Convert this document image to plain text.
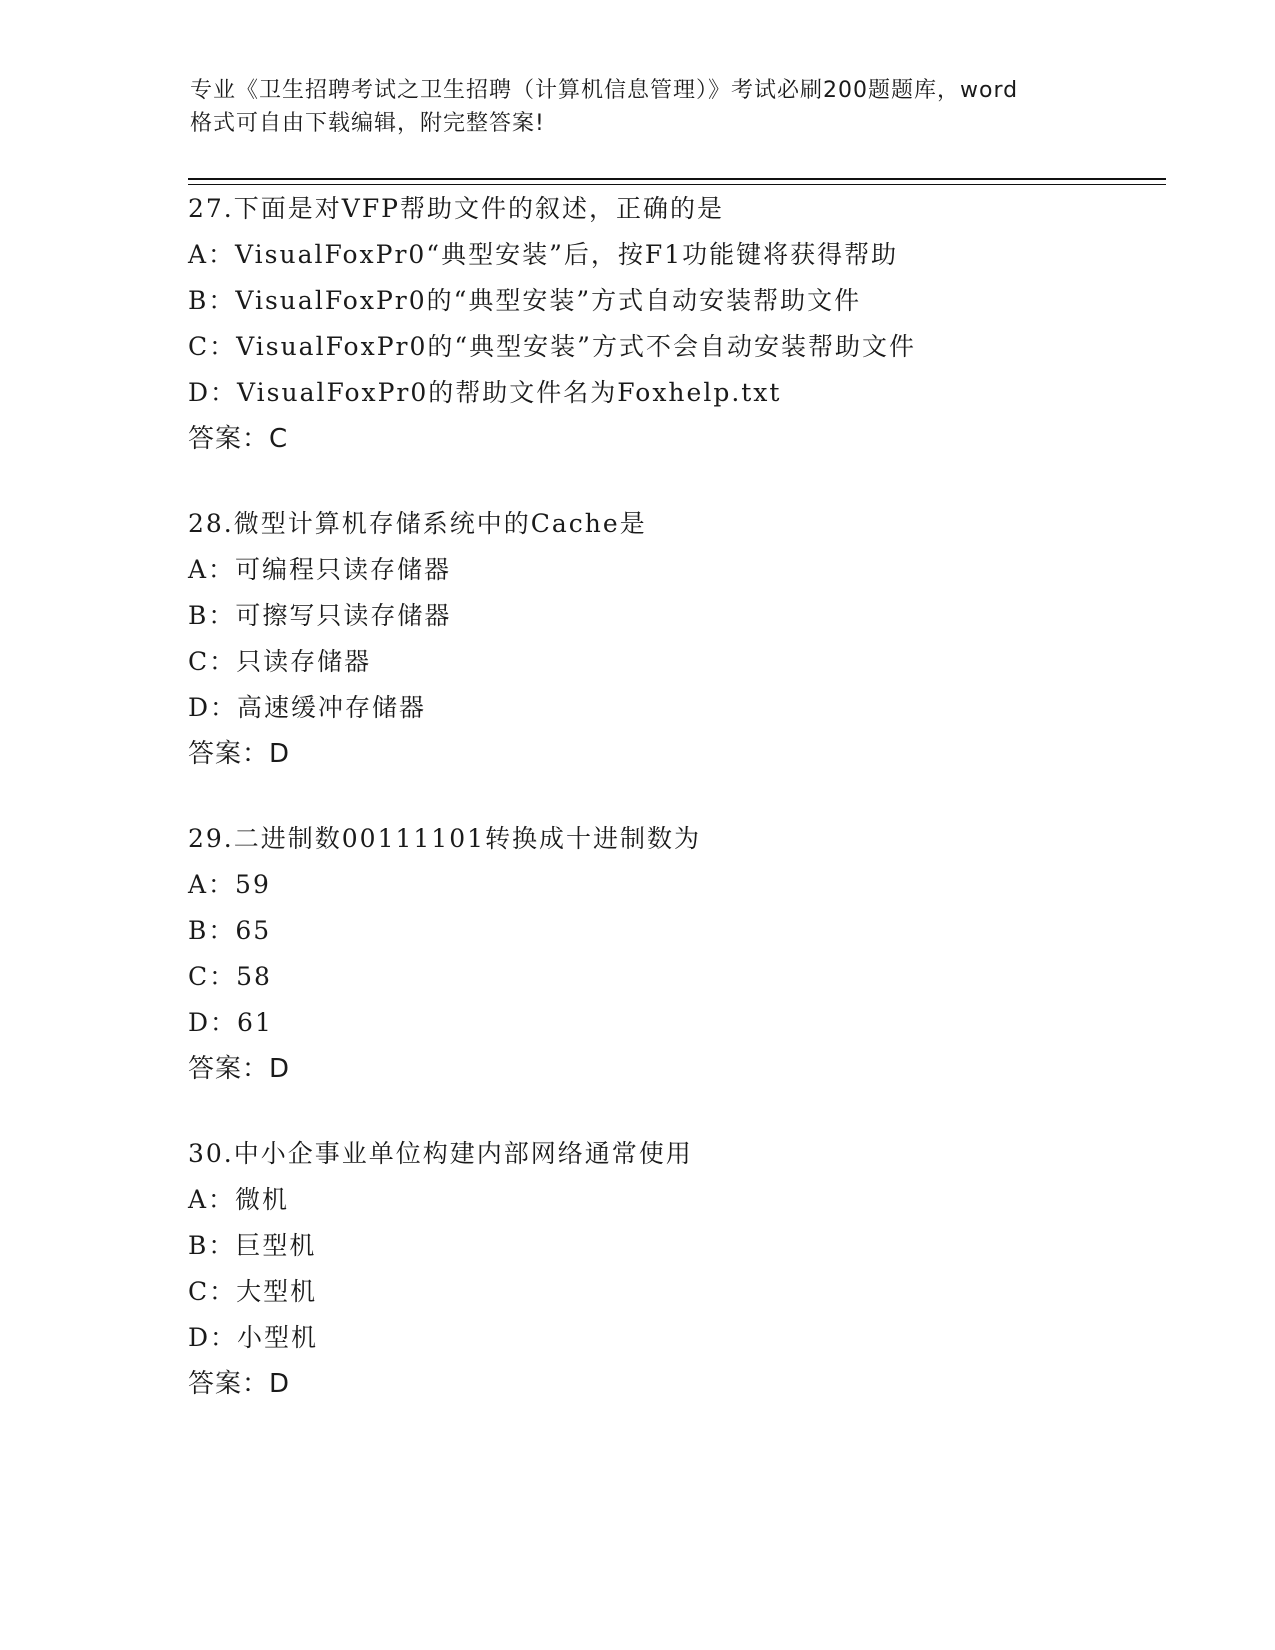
专业《卫生招聘考试之卫生招聘（计算机信息管理）》考试必刷200题题库，word
格式可自由下载编辑，附完整答案!
27.下面是对VFP帮助文件的叙述，正确的是
A：VisualFoxPr0“典型安装”后，按F1功能键将获得帮助
B：VisualFoxPr0的“典型安装”方式自动安装帮助文件
C：VisualFoxPr0的“典型安装”方式不会自动安装帮助文件
D：VisualFoxPr0的帮助文件名为Foxhelp.txt
答案：C
28.微型计算机存储系统中的Cache是
A：可编程只读存储器
B：可擦写只读存储器
C：只读存储器
D：高速缓冲存储器
答案：D
29.二进制数00111101转换成十进制数为
A：59
B：65
C：58
D：61
答案：D
30.中小企事业单位构建内部网络通常使用
A：微机
B：巨型机
C：大型机
D：小型机
答案：D
